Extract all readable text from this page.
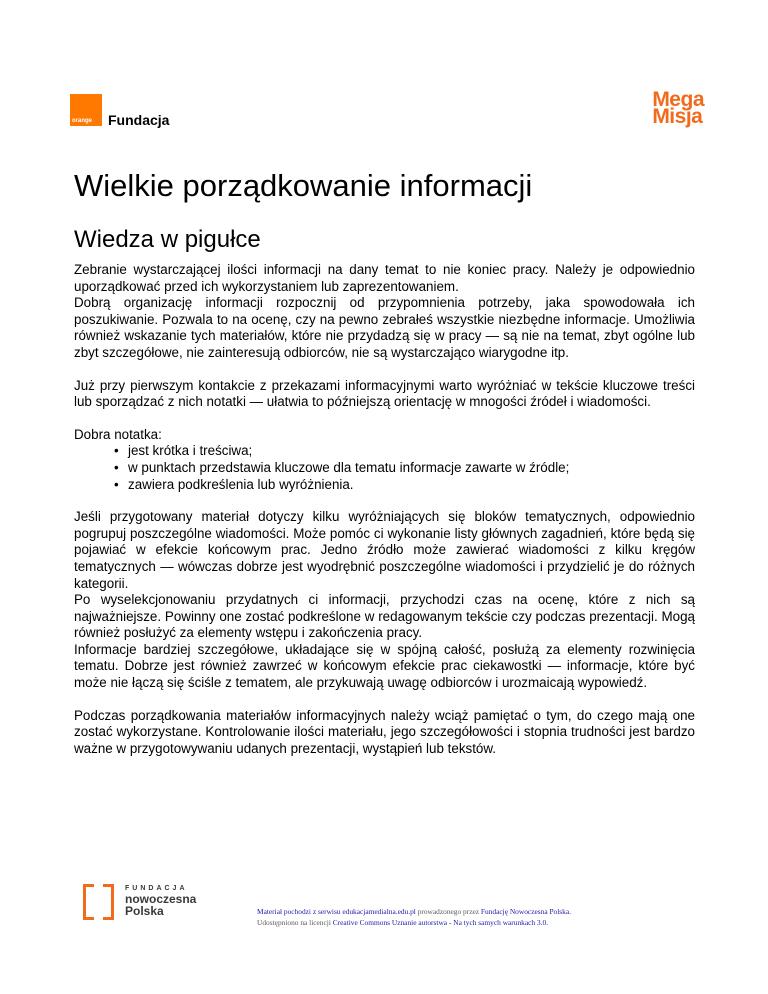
orange Fundacja
Mega
Misja
Wielkie porządkowanie informacji
Wiedza w pigułce

Zebranie wystarczającej ilości informacji na dany temat to nie koniec pracy. Należy je odpowiednio uporządkować przed ich wykorzystaniem lub zaprezentowaniem.

Dobrą organizację informacji rozpocznij od przypomnienia potrzeby, jaka spowodowała ich poszukiwanie. Pozwala to na ocenę, czy na pewno zebrałeś wszystkie niezbędne informacje. Umożliwia również wskazanie tych materiałów, które nie przydadzą się w pracy — są nie na temat, zbyt ogólne lub zbyt szczegółowe, nie zainteresują odbiorców, nie są wystarczająco wiarygodne itp.

Już przy pierwszym kontakcie z przekazami informacyjnymi warto wyróżniać w tekście kluczowe treści lub sporządzać z nich notatki — ułatwia to późniejszą orientację w mnogości źródeł i wiadomości.

Dobra notatka:

• jest krótka i treściwa;
• w punktach przedstawia kluczowe dla tematu informacje zawarte w źródle;
• zawiera podkreślenia lub wyróżnienia.

Jeśli przygotowany materiał dotyczy kilku wyróżniających się bloków tematycznych, odpowiednio pogrupuj poszczególne wiadomości. Może pomóc ci wykonanie listy głównych zagadnień, które będą się pojawiać w efekcie końcowym prac. Jedno źródło może zawierać wiadomości z kilku kręgów tematycznych — wówczas dobrze jest wyodrębnić poszczególne wiadomości i przydzielić je do różnych kategorii.

Po wyselekcjonowaniu przydatnych ci informacji, przychodzi czas na ocenę, które z nich są najważniejsze. Powinny one zostać podkreślone w redagowanym tekście czy podczas prezentacji. Mogą również posłużyć za elementy wstępu i zakończenia pracy.

Informacje bardziej szczegółowe, układające się w spójną całość, posłużą za elementy rozwinięcia tematu. Dobrze jest również zawrzeć w końcowym efekcie prac ciekawostki — informacje, które być może nie łączą się ściśle z tematem, ale przykuwają uwagę odbiorców i urozmaicają wypowiedź.

Podczas porządkowania materiałów informacyjnych należy wciąż pamiętać o tym, do czego mają one zostać wykorzystane. Kontrolowanie ilości materiału, jego szczegółowości i stopnia trudności jest bardzo ważne w przygotowywaniu udanych prezentacji, wystąpień lub tekstów.

FUNDACJA
nowoczesna
Polska	Materiał pochodzi z serwisu edukacjamedialna.edu.pl prowadzonego przez Fundację Nowoczesna Polska.
Udostępniono na licencji Creative Commons Uznanie autorstwa - Na tych samych warunkach 3.0.
